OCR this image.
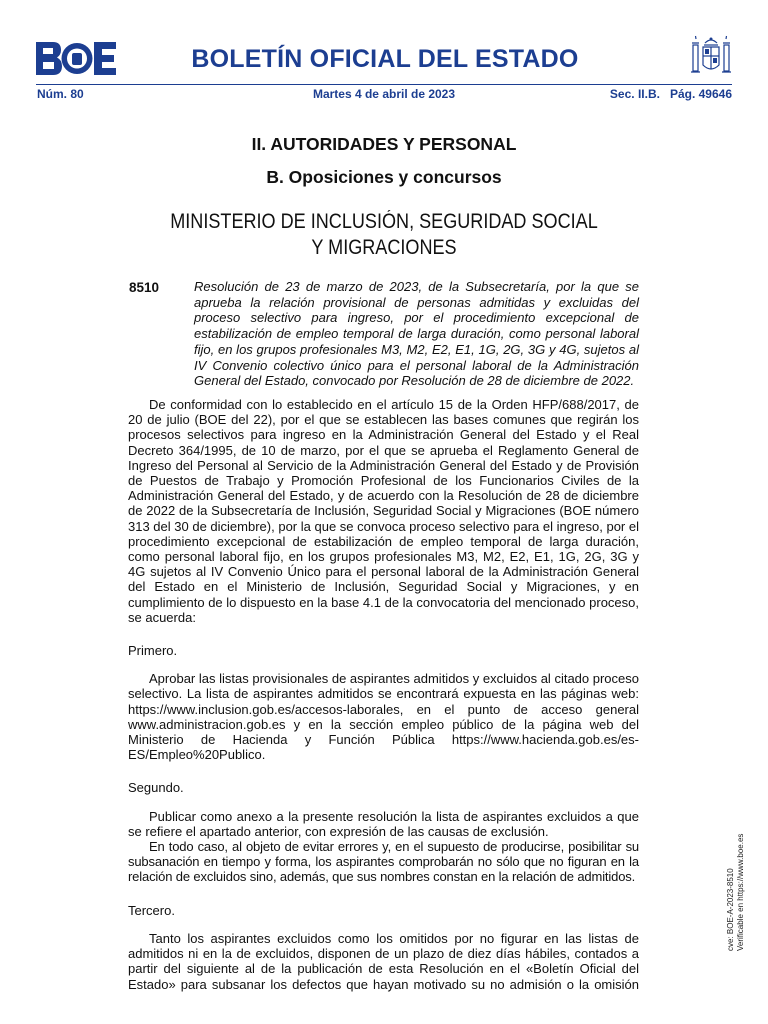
BOLETÍN OFICIAL DEL ESTADO
Núm. 80	Martes 4 de abril de 2023	Sec. II.B.   Pág. 49646
II. AUTORIDADES Y PERSONAL
B. Oposiciones y concursos
MINISTERIO DE INCLUSIÓN, SEGURIDAD SOCIAL
Y MIGRACIONES
8510	Resolución de 23 de marzo de 2023, de la Subsecretaría, por la que se aprueba la relación provisional de personas admitidas y excluidas del proceso selectivo para ingreso, por el procedimiento excepcional de estabilización de empleo temporal de larga duración, como personal laboral fijo, en los grupos profesionales M3, M2, E2, E1, 1G, 2G, 3G y 4G, sujetos al IV Convenio colectivo único para el personal laboral de la Administración General del Estado, convocado por Resolución de 28 de diciembre de 2022.

De conformidad con lo establecido en el artículo 15 de la Orden HFP/688/2017, de 20 de julio (BOE del 22), por el que se establecen las bases comunes que regirán los procesos selectivos para ingreso en la Administración General del Estado y el Real Decreto 364/1995, de 10 de marzo, por el que se aprueba el Reglamento General de Ingreso del Personal al Servicio de la Administración General del Estado y de Provisión de Puestos de Trabajo y Promoción Profesional de los Funcionarios Civiles de la Administración General del Estado, y de acuerdo con la Resolución de 28 de diciembre de 2022 de la Subsecretaría de Inclusión, Seguridad Social y Migraciones (BOE número 313 del 30 de diciembre), por la que se convoca proceso selectivo para el ingreso, por el procedimiento excepcional de estabilización de empleo temporal de larga duración, como personal laboral fijo, en los grupos profesionales M3, M2, E2, E1, 1G, 2G, 3G y 4G sujetos al IV Convenio Único para el personal laboral de la Administración General del Estado en el Ministerio de Inclusión, Seguridad Social y Migraciones, y en cumplimiento de lo dispuesto en la base 4.1 de la convocatoria del mencionado proceso, se acuerda:

Primero.

Aprobar las listas provisionales de aspirantes admitidos y excluidos al citado proceso selectivo. La lista de aspirantes admitidos se encontrará expuesta en las páginas web: https://www.inclusion.gob.es/accesos-laborales, en el punto de acceso general www.administracion.gob.es y en la sección empleo público de la página web del Ministerio de Hacienda y Función Pública https://www.hacienda.gob.es/es-ES/Empleo%20Publico.

Segundo.

Publicar como anexo a la presente resolución la lista de aspirantes excluidos a que se refiere el apartado anterior, con expresión de las causas de exclusión.

En todo caso, al objeto de evitar errores y, en el supuesto de producirse, posibilitar su subsanación en tiempo y forma, los aspirantes comprobarán no sólo que no figuran en la relación de excluidos sino, además, que sus nombres constan en la relación de admitidos.

Tercero.

Tanto los aspirantes excluidos como los omitidos por no figurar en las listas de admitidos ni en la de excluidos, disponen de un plazo de diez días hábiles, contados a partir del siguiente al de la publicación de esta Resolución en el «Boletín Oficial del Estado» para subsanar los defectos que hayan motivado su no admisión o la omisión

cve: BOE-A-2023-8510 Verificable en https://www.boe.es
